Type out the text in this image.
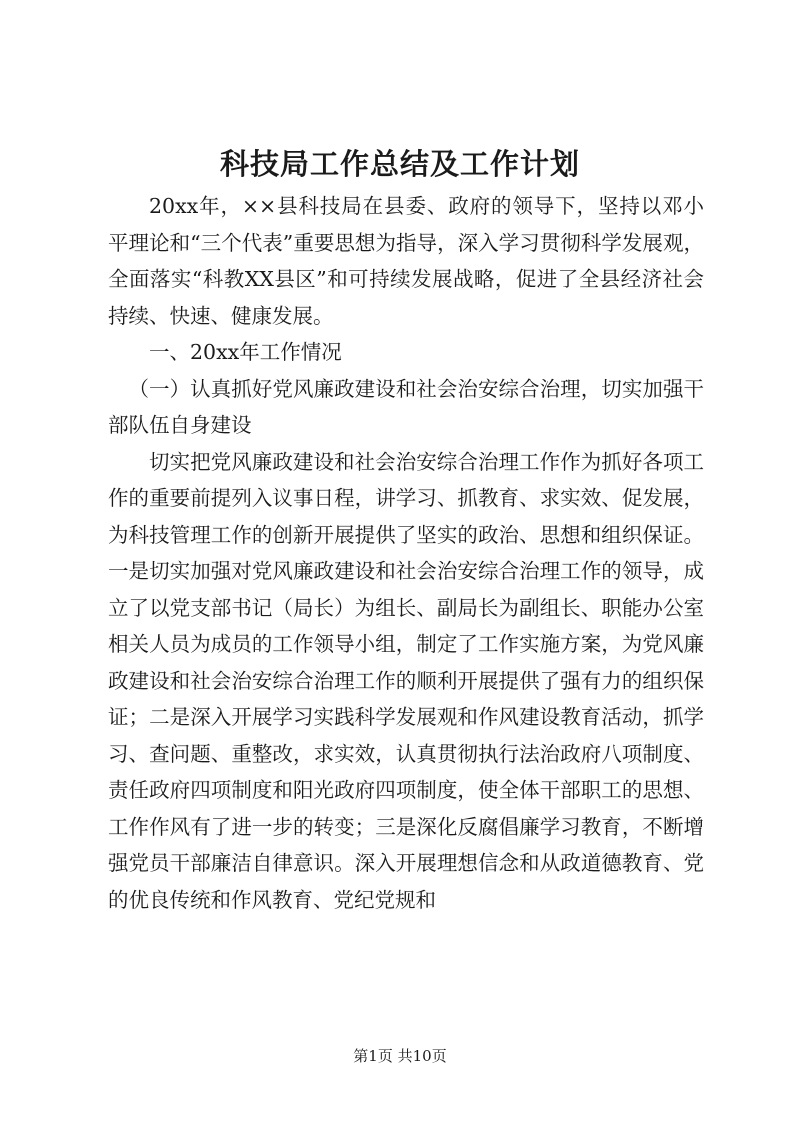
科技局工作总结及工作计划

20xx年，××县科技局在县委、政府的领导下，坚持以邓小平理论和“三个代表”重要思想为指导，深入学习贯彻科学发展观，全面落实“科教XX县区”和可持续发展战略，促进了全县经济社会持续、快速、健康发展。

一、20xx年工作情况

（一）认真抓好党风廉政建设和社会治安综合治理，切实加强干部队伍自身建设

切实把党风廉政建设和社会治安综合治理工作作为抓好各项工作的重要前提列入议事日程，讲学习、抓教育、求实效、促发展，为科技管理工作的创新开展提供了坚实的政治、思想和组织保证。一是切实加强对党风廉政建设和社会治安综合治理工作的领导，成立了以党支部书记（局长）为组长、副局长为副组长、职能办公室相关人员为成员的工作领导小组，制定了工作实施方案，为党风廉政建设和社会治安综合治理工作的顺利开展提供了强有力的组织保证；二是深入开展学习实践科学发展观和作风建设教育活动，抓学习、查问题、重整改，求实效，认真贯彻执行法治政府八项制度、责任政府四项制度和阳光政府四项制度，使全体干部职工的思想、工作作风有了进一步的转变；三是深化反腐倡廉学习教育，不断增强党员干部廉洁自律意识。深入开展理想信念和从政道德教育、党的优良传统和作风教育、党纪党规和

第1页 共10页
